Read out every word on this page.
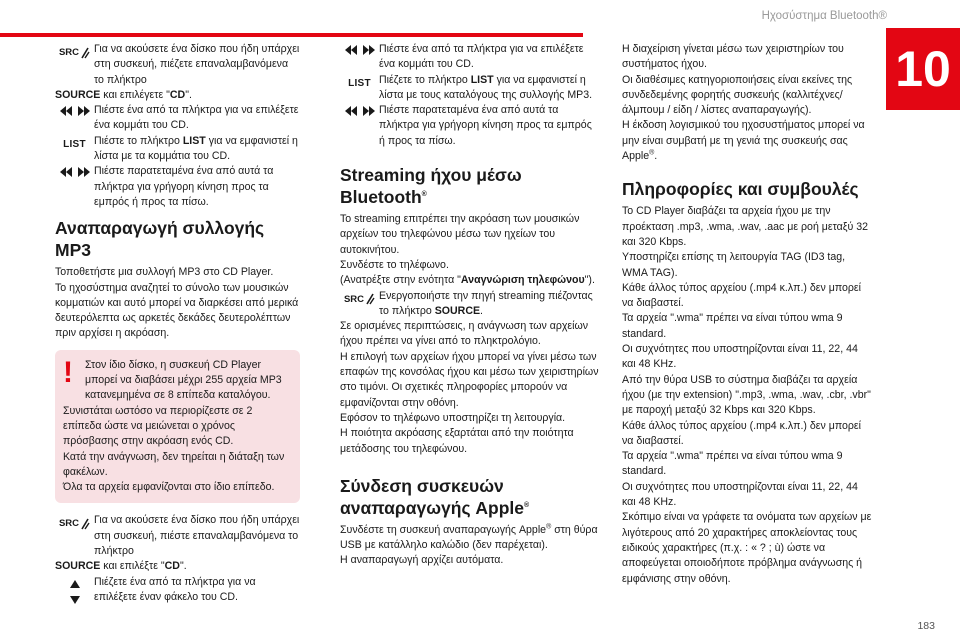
Ηχοσύστημα Bluetooth®
10
SRC Για να ακούσετε ένα δίσκο που ήδη υπάρχει στη συσκευή, πιέζετε επαναλαμβανόμενα το πλήκτρο

SOURCE και επιλέγετε "CD".

Πιέστε ένα από τα πλήκτρα για να επιλέξετε ένα κομμάτι του CD.

LIST Πιέστε το πλήκτρο LIST για να εμφανιστεί η λίστα με τα κομμάτια του CD.

Πιέστε παρατεταμένα ένα από αυτά τα πλήκτρα για γρήγορη κίνηση προς τα εμπρός ή προς τα πίσω.

Αναπαραγωγή συλλογής MP3

Τοποθετήστε μια συλλογή MP3 στο CD Player.

Το ηχοσύστημα αναζητεί το σύνολο των μουσικών κομματιών και αυτό μπορεί να διαρκέσει από μερικά δευτερόλεπτα ως αρκετές δεκάδες δευτερολέπτων πριν αρχίσει η ακρόαση.

!	Στον ίδιο δίσκο, η συσκευή CD Player μπορεί να διαβάσει μέχρι 255 αρχεία MP3 κατανεμημένα σε 8 επίπεδα καταλόγου.

Συνιστάται ωστόσο να περιορίζεστε σε 2 επίπεδα ώστε να μειώνεται ο χρόνος πρόσβασης στην ακρόαση ενός CD.

Κατά την ανάγνωση, δεν τηρείται η διάταξη των φακέλων.

Όλα τα αρχεία εμφανίζονται στο ίδιο επίπεδο.

SRC Για να ακούσετε ένα δίσκο που ήδη υπάρχει στη συσκευή, πιέστε επαναλαμβανόμενα το πλήκτρο

SOURCE και επιλέξτε "CD".

Πιέζετε ένα από τα πλήκτρα για να επιλέξετε έναν φάκελο του CD.

Πιέστε ένα από τα πλήκτρα για να επιλέξετε ένα κομμάτι του CD.

LIST Πιέζετε το πλήκτρο LIST για να εμφανιστεί η λίστα με τους καταλόγους της συλλογής MP3.

Πιέστε παρατεταμένα ένα από αυτά τα πλήκτρα για γρήγορη κίνηση προς τα εμπρός ή προς τα πίσω.

Streaming ήχου μέσω Bluetooth®

Το streaming επιτρέπει την ακρόαση των μουσικών αρχείων του τηλεφώνου μέσω των ηχείων του αυτοκινήτου.

Συνδέστε το τηλέφωνο.

(Ανατρέξτε στην ενότητα "Αναγνώριση τηλεφώνου").

SRC Ενεργοποιήστε την πηγή streaming πιέζοντας το πλήκτρο SOURCE.

Σε ορισμένες περιπτώσεις, η ανάγνωση των αρχείων ήχου πρέπει να γίνει από το πληκτρολόγιο.

Η επιλογή των αρχείων ήχου μπορεί να γίνει μέσω των επαφών της κονσόλας ήχου και μέσω των χειριστηρίων στο τιμόνι. Οι σχετικές πληροφορίες μπορούν να εμφανίζονται στην οθόνη.

Εφόσον το τηλέφωνο υποστηρίζει τη λειτουργία.

Η ποιότητα ακρόασης εξαρτάται από την ποιότητα μετάδοσης του τηλεφώνου.

Σύνδεση συσκευών
αναπαραγωγής Apple®

Συνδέστε τη συσκευή αναπαραγωγής Apple® στη θύρα USB με κατάλληλο καλώδιο (δεν παρέχεται).

Η αναπαραγωγή αρχίζει αυτόματα.

Η διαχείριση γίνεται μέσω των χειριστηρίων του συστήματος ήχου.

Οι διαθέσιμες κατηγοριοποιήσεις είναι εκείνες της συνδεδεμένης φορητής συσκευής (καλλιτέχνες/ άλμπουμ / είδη / λίστες αναπαραγωγής).

Η έκδοση λογισμικού του ηχοσυστήματος μπορεί να μην είναι συμβατή με τη γενιά της συσκευής σας Apple®.

Πληροφορίες και συμβουλές

Το CD Player διαβάζει τα αρχεία ήχου με την προέκταση .mp3, .wma, .wav, .aac με ροή μεταξύ 32 και 320 Kbps.

Υποστηρίζει επίσης τη λειτουργία TAG (ID3 tag, WMA TAG).

Κάθε άλλος τύπος αρχείου (.mp4 κ.λπ.) δεν μπορεί να διαβαστεί.

Τα αρχεία ".wma" πρέπει να είναι τύπου wma 9 standard.

Οι συχνότητες που υποστηρίζονται είναι 11, 22, 44 και 48 KHz.

Από την θύρα USB το σύστημα διαβάζει τα αρχεία ήχου (με την extension) ".mp3, .wma, .wav, .cbr, .vbr" με παροχή μεταξύ 32 Kbps και 320 Kbps.

Κάθε άλλος τύπος αρχείου (.mp4 κ.λπ.) δεν μπορεί να διαβαστεί.

Τα αρχεία ".wma" πρέπει να είναι τύπου wma 9 standard.

Οι συχνότητες που υποστηρίζονται είναι 11, 22, 44 και 48 KHz.

Σκόπιμο είναι να γράφετε τα ονόματα των αρχείων με λιγότερους από 20 χαρακτήρες αποκλείοντας τους ειδικούς χαρακτήρες (π.χ. : « ? ; ù) ώστε να αποφεύγεται οποιοδήποτε πρόβλημα ανάγνωσης ή εμφάνισης στην οθόνη.

183
